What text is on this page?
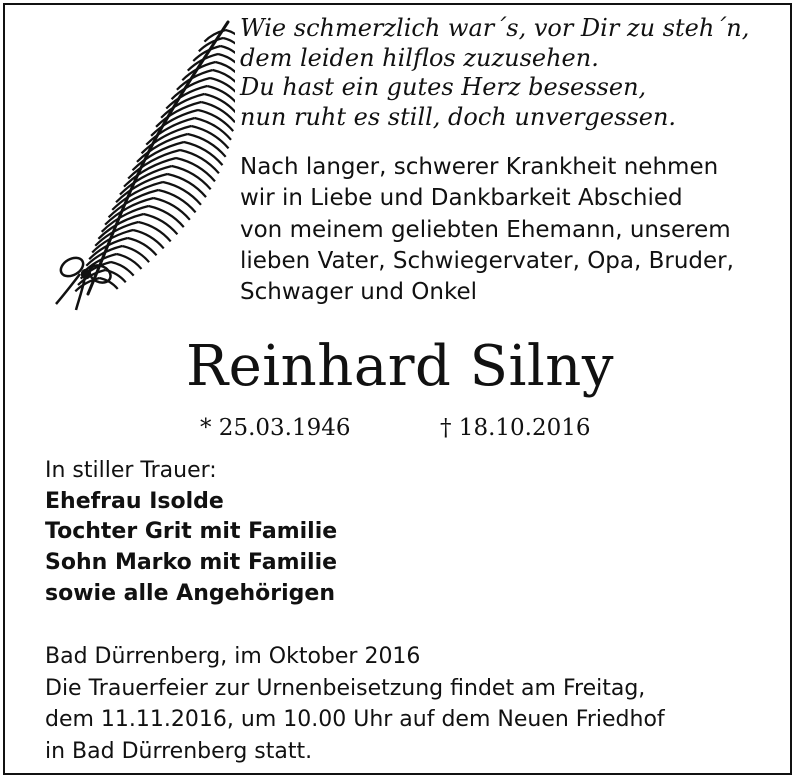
Wie schmerzlich war´s, vor Dir zu steh´n,
dem leiden hilflos zuzusehen.
Du hast ein gutes Herz besessen,
nun ruht es still, doch unvergessen.
Nach langer, schwerer Krankheit nehmen
wir in Liebe und Dankbarkeit Abschied
von meinem geliebten Ehemann, unserem
lieben Vater, Schwiegervater, Opa, Bruder,
Schwager und Onkel
Reinhard Silny
* 25.03.1946	† 18.10.2016
In stiller Trauer:
Ehefrau Isolde
Tochter Grit mit Familie
Sohn Marko mit Familie
sowie alle Angehörigen
Bad Dürrenberg, im Oktober 2016
Die Trauerfeier zur Urnenbeisetzung findet am Freitag,
dem 11.11.2016, um 10.00 Uhr auf dem Neuen Friedhof
in Bad Dürrenberg statt.
